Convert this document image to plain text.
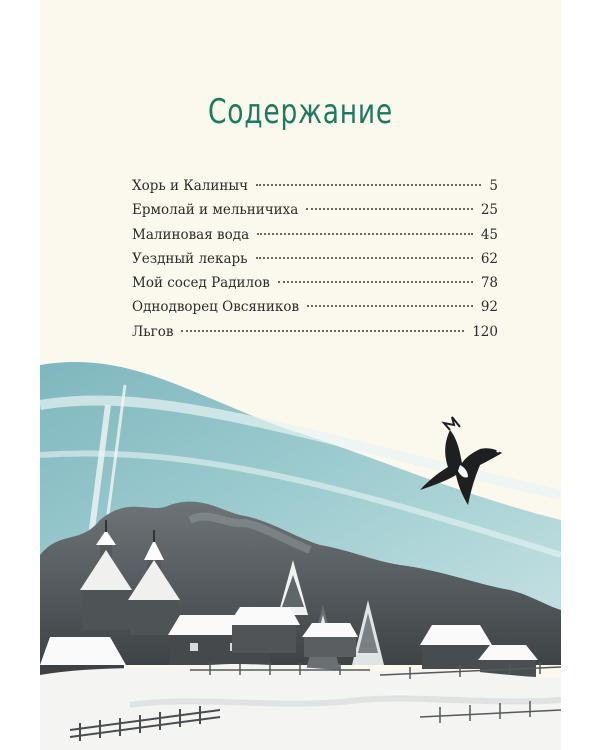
Содержание
Хорь и Калиныч	5
Ермолай и мельничиха	25
Малиновая вода	45
Уездный лекарь	62
Мой сосед Радилов	78
Однодворец Овсяников	92
Льгов	120
